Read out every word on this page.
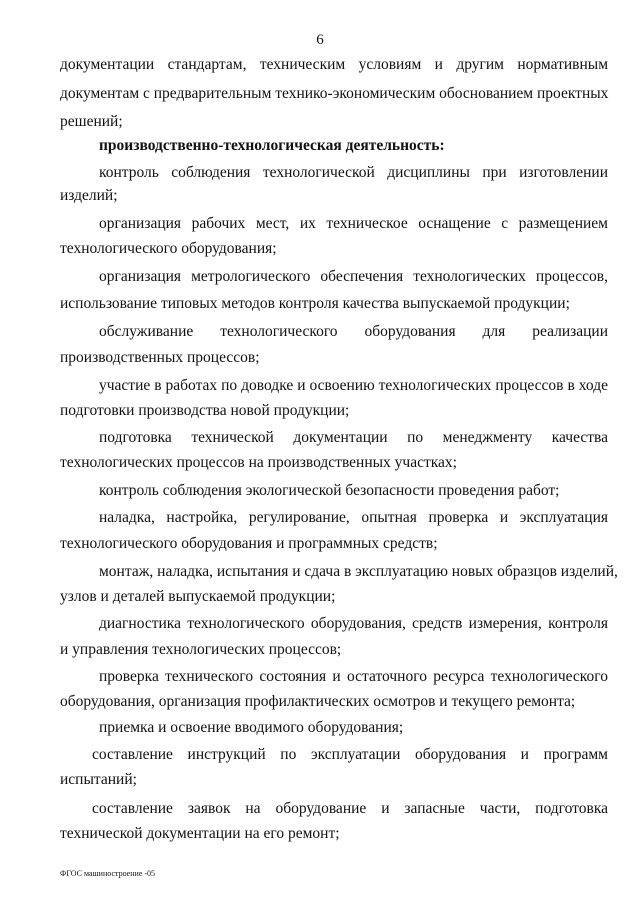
6
документации стандартам, техническим условиям и другим нормативным
документам с предварительным технико-экономическим обоснованием проектных
решений;
производственно-технологическая деятельность:
контроль соблюдения технологической дисциплины при изготовлении
изделий;
организация рабочих мест, их техническое оснащение с размещением
технологического оборудования;
организация метрологического обеспечения технологических процессов,
использование типовых методов контроля качества выпускаемой продукции;
обслуживание технологического оборудования для реализации
производственных процессов;
участие в работах по доводке и освоению технологических процессов в ходе
подготовки производства новой продукции;
подготовка технической документации по менеджменту качества
технологических процессов на производственных участках;
контроль соблюдения экологической безопасности проведения работ;
наладка, настройка, регулирование, опытная проверка и эксплуатация
технологического оборудования и программных средств;
монтаж, наладка, испытания и сдача в эксплуатацию новых образцов изделий,
узлов и деталей выпускаемой продукции;
диагностика технологического оборудования, средств измерения, контроля
и управления технологических процессов;
проверка технического состояния и остаточного ресурса технологического
оборудования, организация профилактических осмотров и текущего ремонта;
приемка и освоение вводимого оборудования;
составление инструкций по эксплуатации оборудования и программ
испытаний;
составление заявок на оборудование и запасные части, подготовка
технической документации на его ремонт;
ФГОС машиностроение -05
